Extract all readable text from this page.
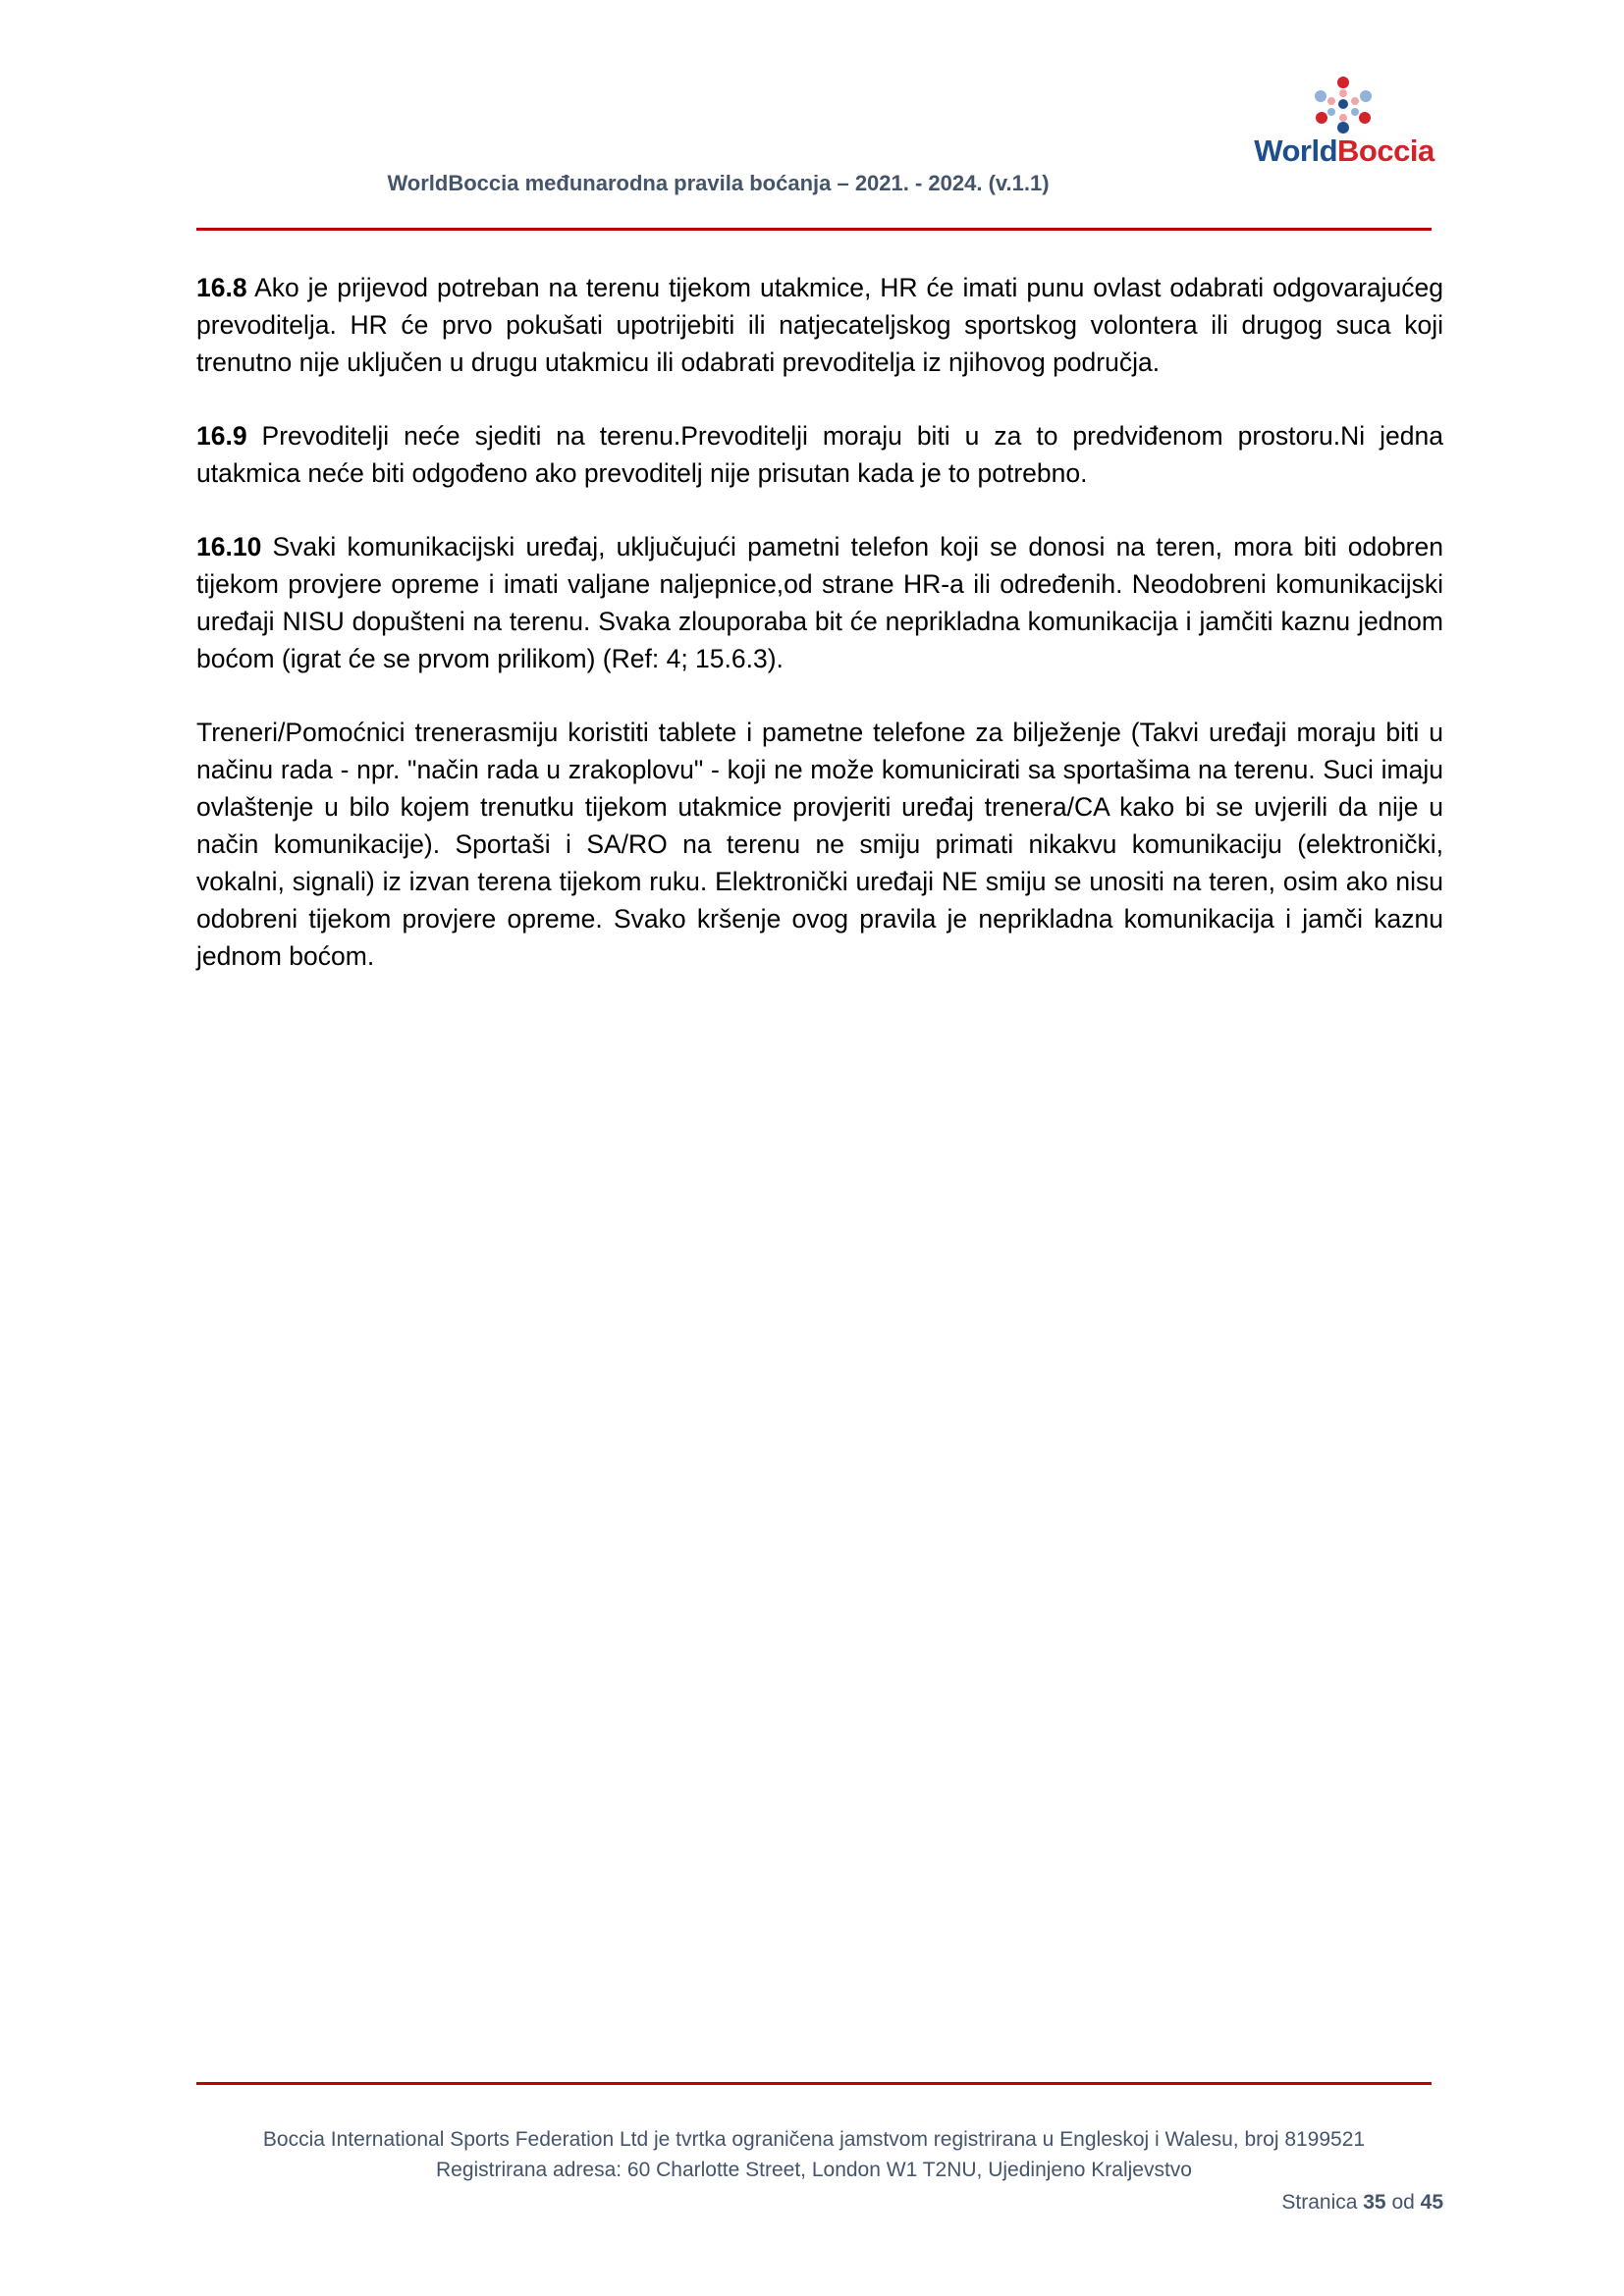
WorldBoccia
WorldBoccia međunarodna pravila boćanja – 2021. - 2024. (v.1.1)

16.8 Ako je prijevod potreban na terenu tijekom utakmice, HR će imati punu ovlast odabrati odgovarajućeg prevoditelja. HR će prvo pokušati upotrijebiti ili natjecateljskog sportskog volontera ili drugog suca koji trenutno nije uključen u drugu utakmicu ili odabrati prevoditelja iz njihovog područja.

16.9 Prevoditelji neće sjediti na terenu.Prevoditelji moraju biti u za to predviđenom prostoru.Ni jedna utakmica neće biti odgođeno ako prevoditelj nije prisutan kada je to potrebno.

16.10 Svaki komunikacijski uređaj, uključujući pametni telefon koji se donosi na teren, mora biti odobren tijekom provjere opreme i imati valjane naljepnice,od strane HR-a ili određenih. Neodobreni komunikacijski uređaji NISU dopušteni na terenu. Svaka zlouporaba bit će neprikladna komunikacija i jamčiti kaznu jednom boćom (igrat će se prvom prilikom) (Ref: 4; 15.6.3).

Treneri/Pomoćnici trenerasmiju koristiti tablete i pametne telefone za bilježenje (Takvi uređaji moraju biti u načinu rada - npr. "način rada u zrakoplovu" - koji ne može komunicirati sa sportašima na terenu. Suci imaju ovlaštenje u bilo kojem trenutku tijekom utakmice provjeriti uređaj trenera/CA kako bi se uvjerili da nije u način komunikacije). Sportaši i SA/RO na terenu ne smiju primati nikakvu komunikaciju (elektronički, vokalni, signali) iz izvan terena tijekom ruku. Elektronički uređaji NE smiju se unositi na teren, osim ako nisu odobreni tijekom provjere opreme. Svako kršenje ovog pravila je neprikladna komunikacija i jamči kaznu jednom boćom.

Boccia International Sports Federation Ltd je tvrtka ograničena jamstvom registrirana u Engleskoj i Walesu, broj 8199521
Registrirana adresa: 60 Charlotte Street, London W1 T2NU, Ujedinjeno Kraljevstvo
Stranica 35 od 45
